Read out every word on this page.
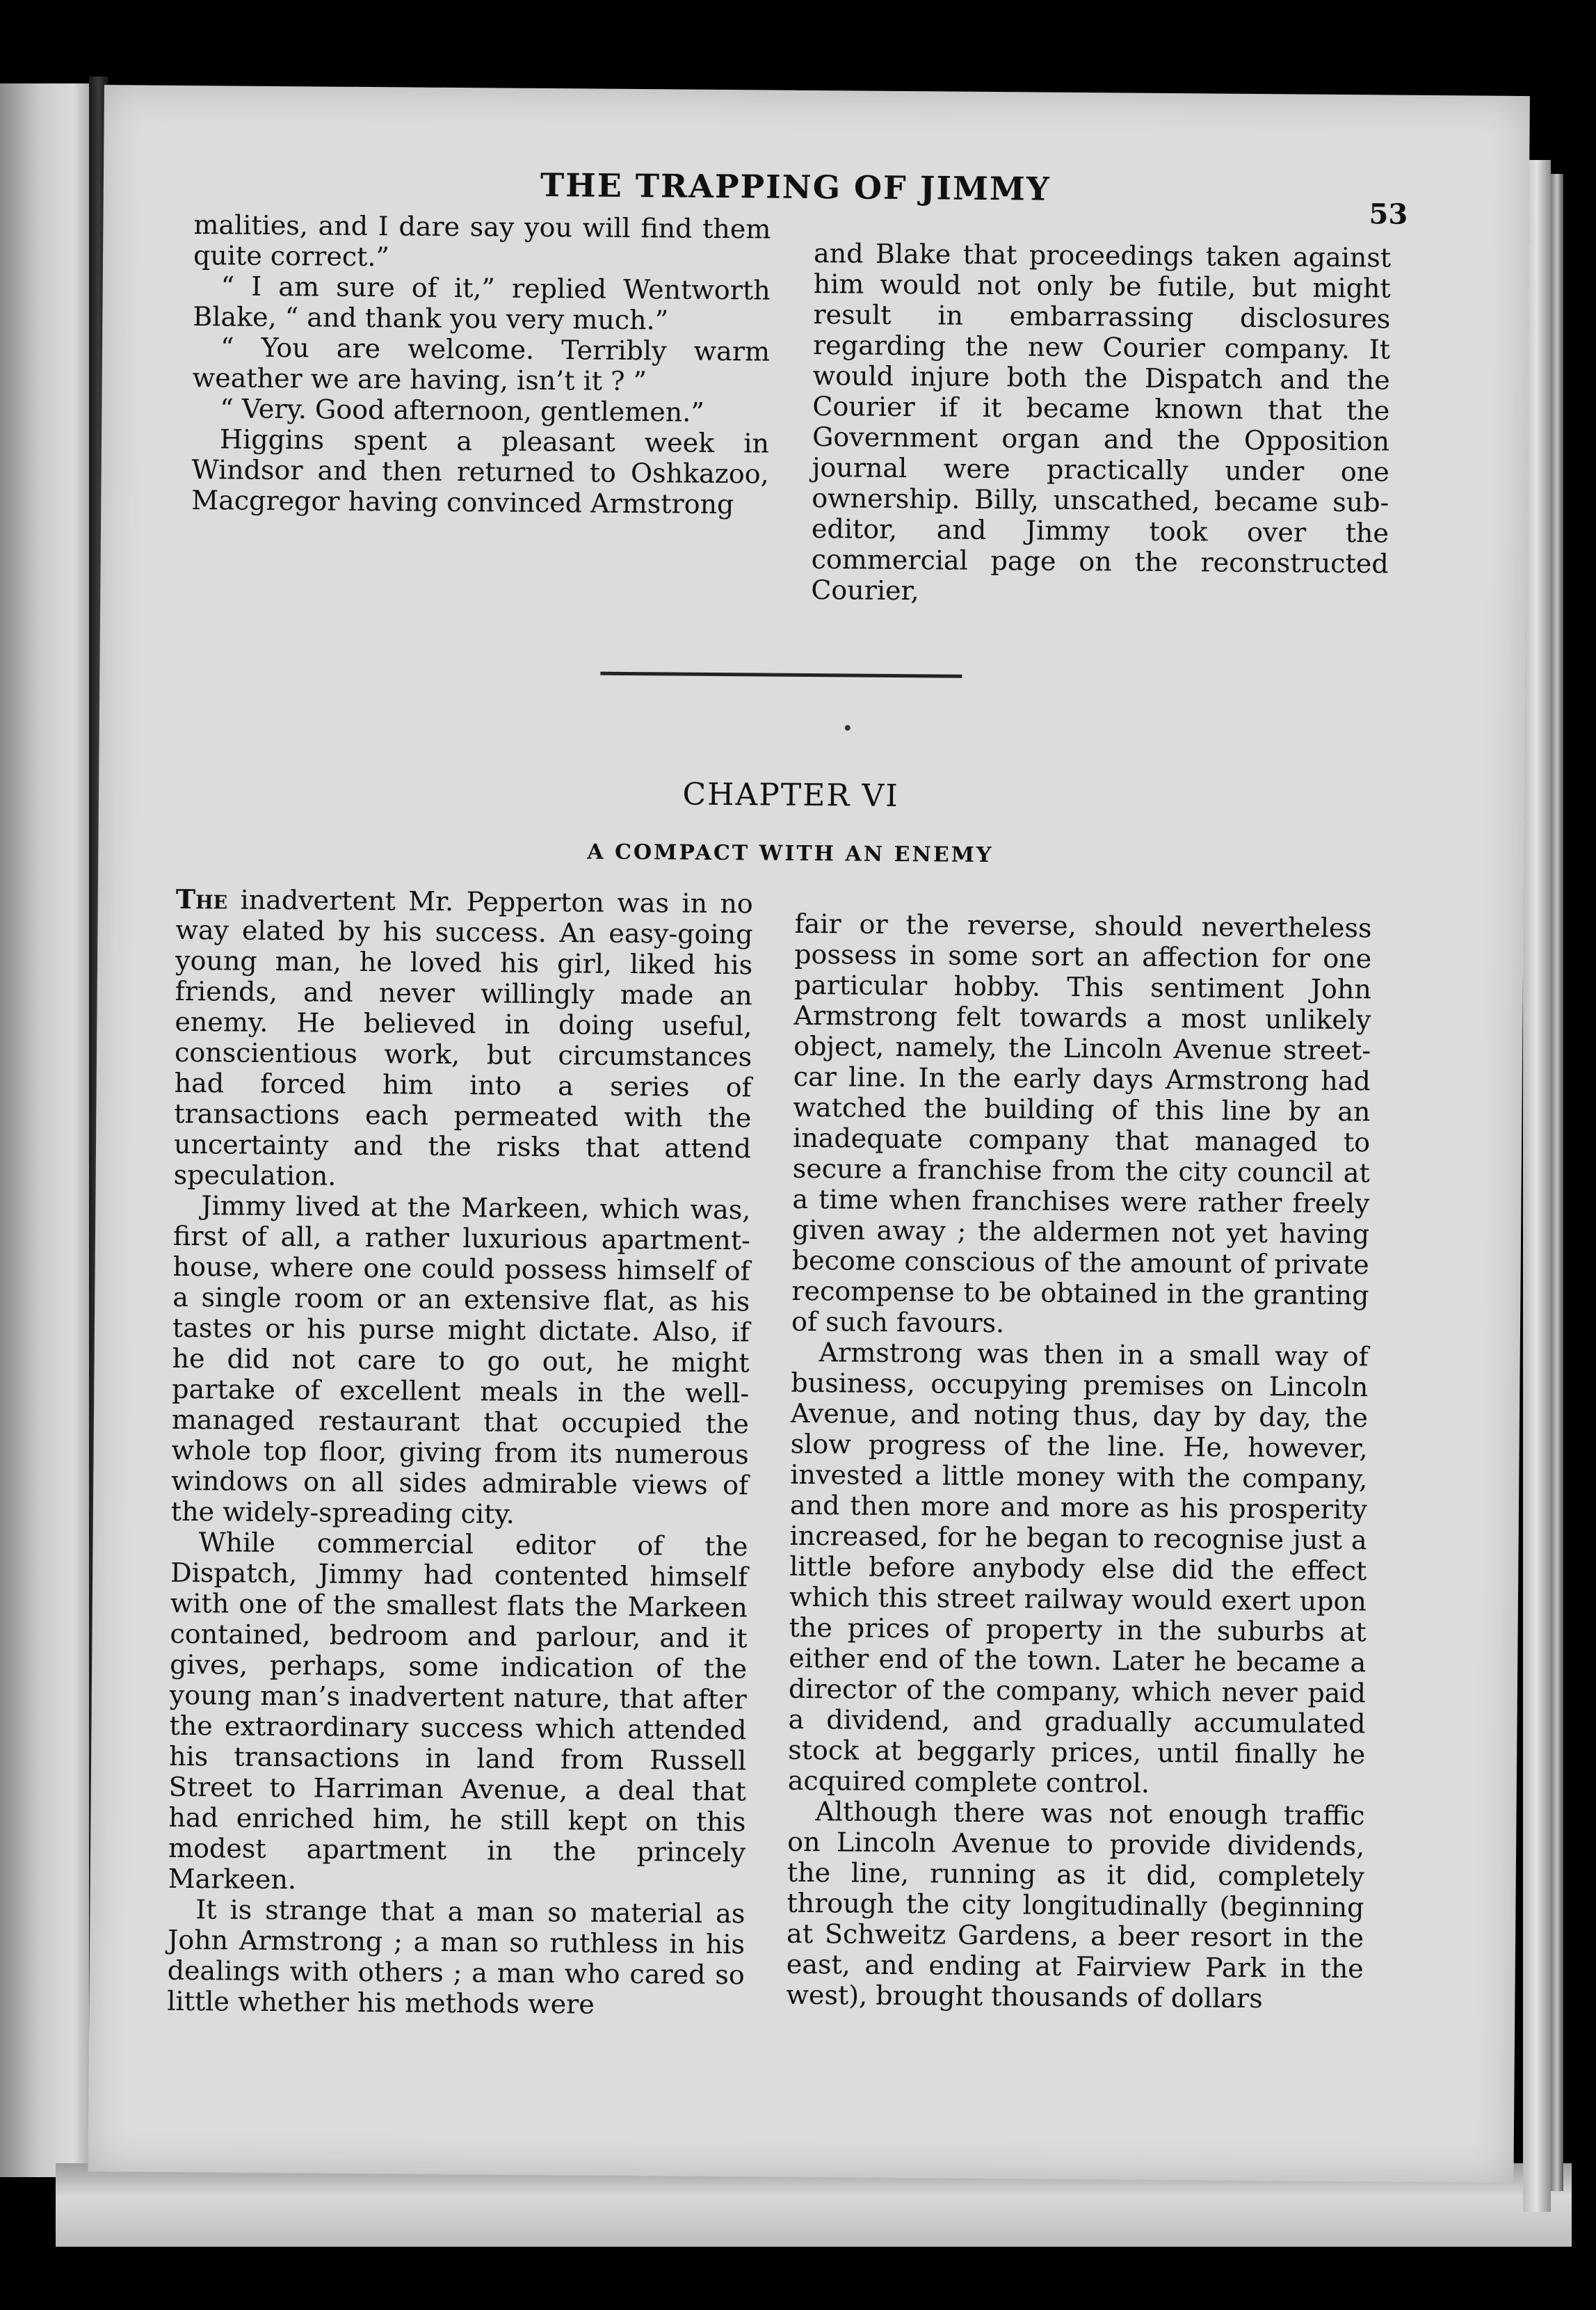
THE TRAPPING OF JIMMY
53

malities, and I dare say you will find them quite correct.”

“ I am sure of it,” replied Wentworth Blake, “ and thank you very much.”

“ You are welcome. Terribly warm weather we are having, isn’t it ? ”

“ Very. Good afternoon, gentlemen.”

Higgins spent a pleasant week in Windsor and then returned to Oshkazoo, Macgregor having convinced Armstrong

and Blake that proceedings taken against him would not only be futile, but might result in embarrassing disclosures regarding the new Courier company. It would injure both the Dispatch and the Courier if it became known that the Government organ and the Opposition journal were practically under one ownership. Billy, unscathed, became sub-editor, and Jimmy took over the commercial page on the reconstructed Courier,

CHAPTER VI
A COMPACT WITH AN ENEMY

The inadvertent Mr. Pepperton was in no way elated by his success. An easy-going young man, he loved his girl, liked his friends, and never willingly made an enemy. He believed in doing useful, conscientious work, but circumstances had forced him into a series of transactions each permeated with the uncertainty and the risks that attend speculation.

Jimmy lived at the Markeen, which was, first of all, a rather luxurious apartment-house, where one could possess himself of a single room or an extensive flat, as his tastes or his purse might dictate. Also, if he did not care to go out, he might partake of excellent meals in the well-managed restaurant that occupied the whole top floor, giving from its numerous windows on all sides admirable views of the widely-spreading city.

While commercial editor of the Dispatch, Jimmy had contented himself with one of the smallest flats the Markeen contained, bedroom and parlour, and it gives, perhaps, some indication of the young man’s inadvertent nature, that after the extraordinary success which attended his transactions in land from Russell Street to Harriman Avenue, a deal that had enriched him, he still kept on this modest apartment in the princely Markeen.

It is strange that a man so material as John Armstrong ; a man so ruthless in his dealings with others ; a man who cared so little whether his methods were

fair or the reverse, should nevertheless possess in some sort an affection for one particular hobby. This sentiment John Armstrong felt towards a most unlikely object, namely, the Lincoln Avenue street-car line. In the early days Armstrong had watched the building of this line by an inadequate company that managed to secure a franchise from the city council at a time when franchises were rather freely given away ; the aldermen not yet having become conscious of the amount of private recompense to be obtained in the granting of such favours.

Armstrong was then in a small way of business, occupying premises on Lincoln Avenue, and noting thus, day by day, the slow progress of the line. He, however, invested a little money with the company, and then more and more as his prosperity increased, for he began to recognise just a little before anybody else did the effect which this street railway would exert upon the prices of property in the suburbs at either end of the town. Later he became a director of the company, which never paid a dividend, and gradually accumulated stock at beggarly prices, until finally he acquired complete control.

Although there was not enough traffic on Lincoln Avenue to provide dividends, the line, running as it did, completely through the city longitudinally (beginning at Schweitz Gardens, a beer resort in the east, and ending at Fairview Park in the west), brought thousands of dollars
